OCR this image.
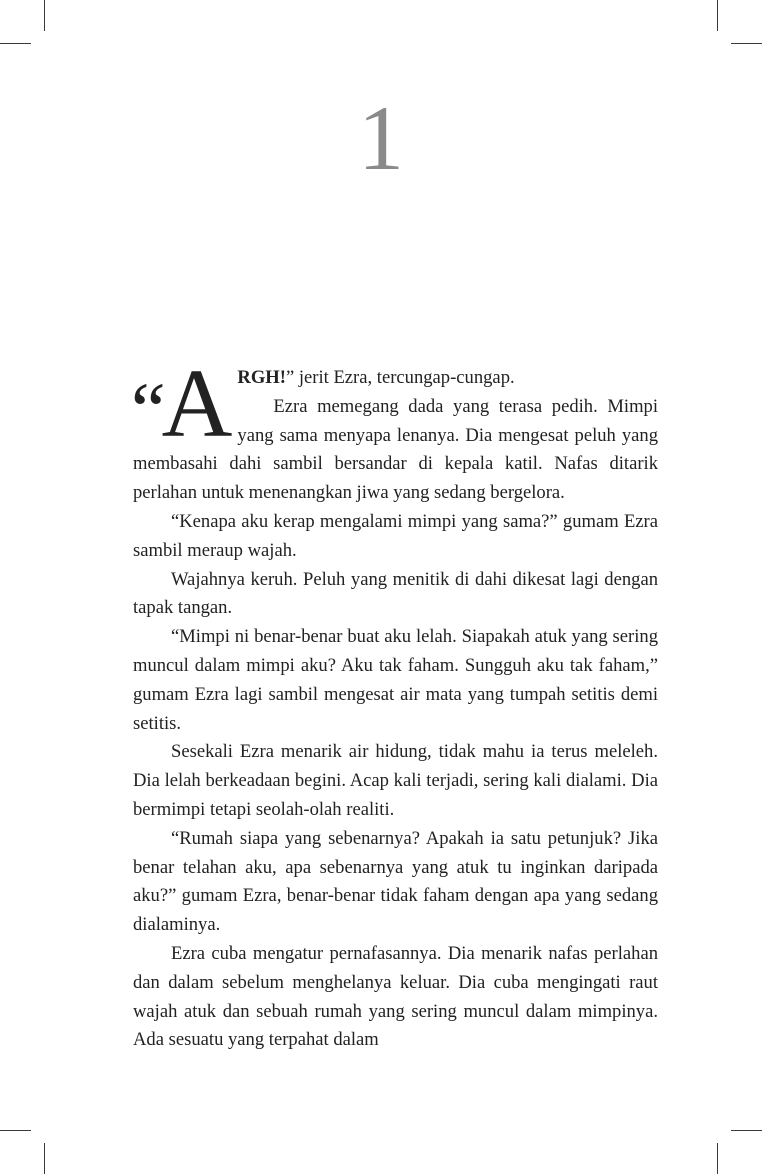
1

“A RGH!” jerit Ezra, tercungap-cungap.
Ezra memegang dada yang terasa pedih. Mimpi yang sama menyapa lenanya. Dia mengesat peluh yang membasahi dahi sambil bersandar di kepala katil. Nafas ditarik perlahan untuk menenangkan jiwa yang sedang bergelora.

“Kenapa aku kerap mengalami mimpi yang sama?” gumam Ezra sambil meraup wajah.

Wajahnya keruh. Peluh yang menitik di dahi dikesat lagi dengan tapak tangan.

“Mimpi ni benar-benar buat aku lelah. Siapakah atuk yang sering muncul dalam mimpi aku? Aku tak faham. Sungguh aku tak faham,” gumam Ezra lagi sambil mengesat air mata yang tumpah setitis demi setitis.

Sesekali Ezra menarik air hidung, tidak mahu ia terus meleleh. Dia lelah berkeadaan begini. Acap kali terjadi, sering kali dialami. Dia bermimpi tetapi seolah-olah realiti.

“Rumah siapa yang sebenarnya? Apakah ia satu petunjuk? Jika benar telahan aku, apa sebenarnya yang atuk tu inginkan daripada aku?” gumam Ezra, benar-benar tidak faham dengan apa yang sedang dialaminya.

Ezra cuba mengatur pernafasannya. Dia menarik nafas perlahan dan dalam sebelum menghelanya keluar. Dia cuba mengingati raut wajah atuk dan sebuah rumah yang sering muncul dalam mimpinya. Ada sesuatu yang terpahat dalam
